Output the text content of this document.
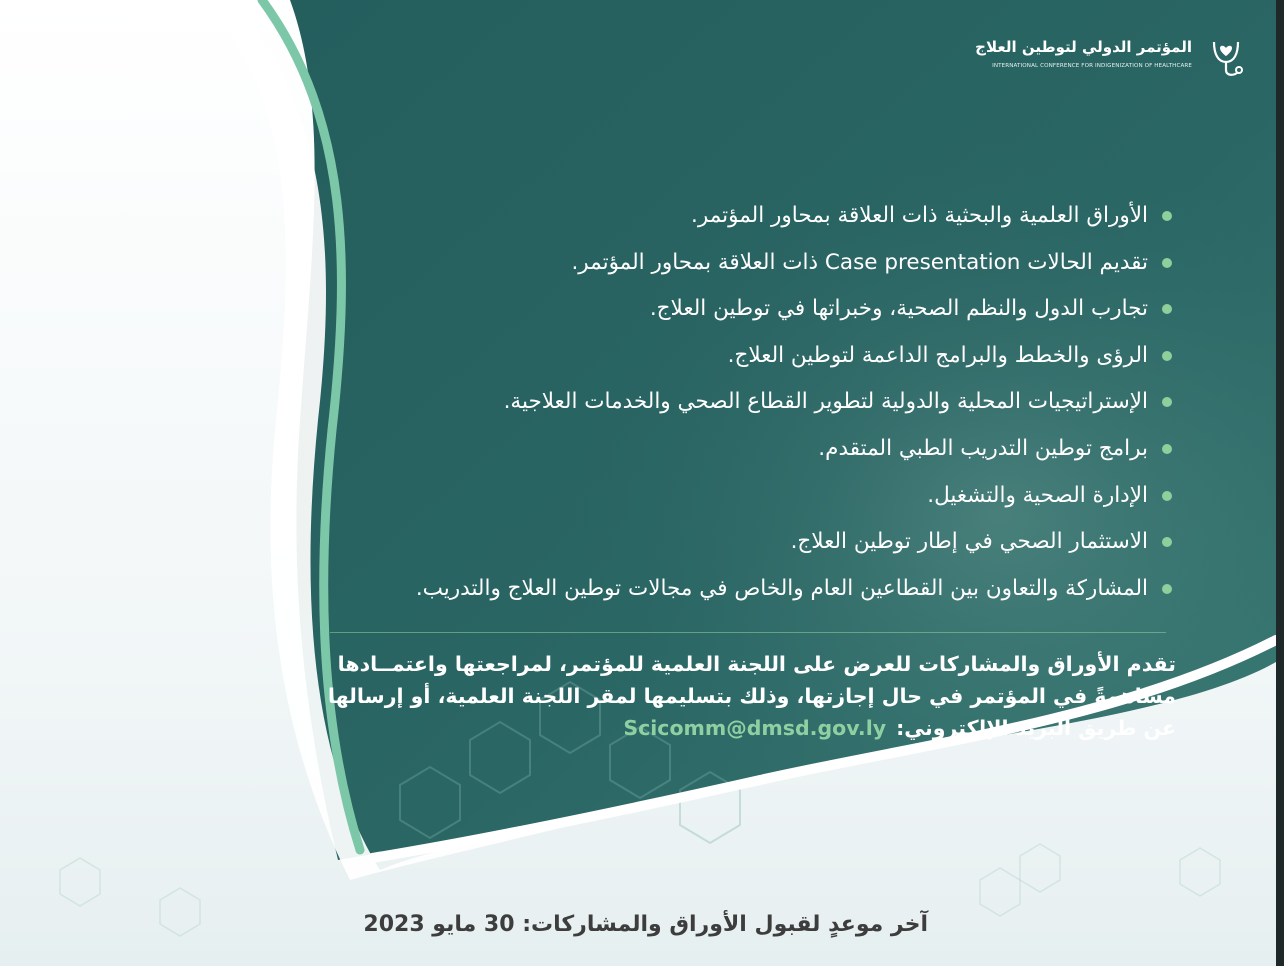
المؤتمر الدولي لتوطين العلاج
INTERNATIONAL CONFERENCE FOR INDIGENIZATION OF HEALTHCARE
الأوراق العلمية والبحثية ذات العلاقة بمحاور المؤتمر.
تقديم الحالات Case presentation ذات العلاقة بمحاور المؤتمر.
تجارب الدول والنظم الصحية، وخبراتها في توطين العلاج.
الرؤى والخطط والبرامج الداعمة لتوطين العلاج.
الإستراتيجيات المحلية والدولية لتطوير القطاع الصحي والخدمات العلاجية.
برامج توطين التدريب الطبي المتقدم.
الإدارة الصحية والتشغيل.
الاستثمار الصحي في إطار توطين العلاج.
المشاركة والتعاون بين القطاعين العام والخاص في مجالات توطين العلاج والتدريب.
تقدم الأوراق والمشاركات للعرض على اللجنة العلمية للمؤتمر، لمراجعتها واعتمــادها
مساهمةً في المؤتمر في حال إجازتها، وذلك بتسليمها لمقر اللجنة العلمية، أو إرسالها
عن طريق البريد الإلكتروني:Scicomm@dmsd.gov.ly
آخر موعدٍ لقبول الأوراق والمشاركات: 30 مايو 2023
